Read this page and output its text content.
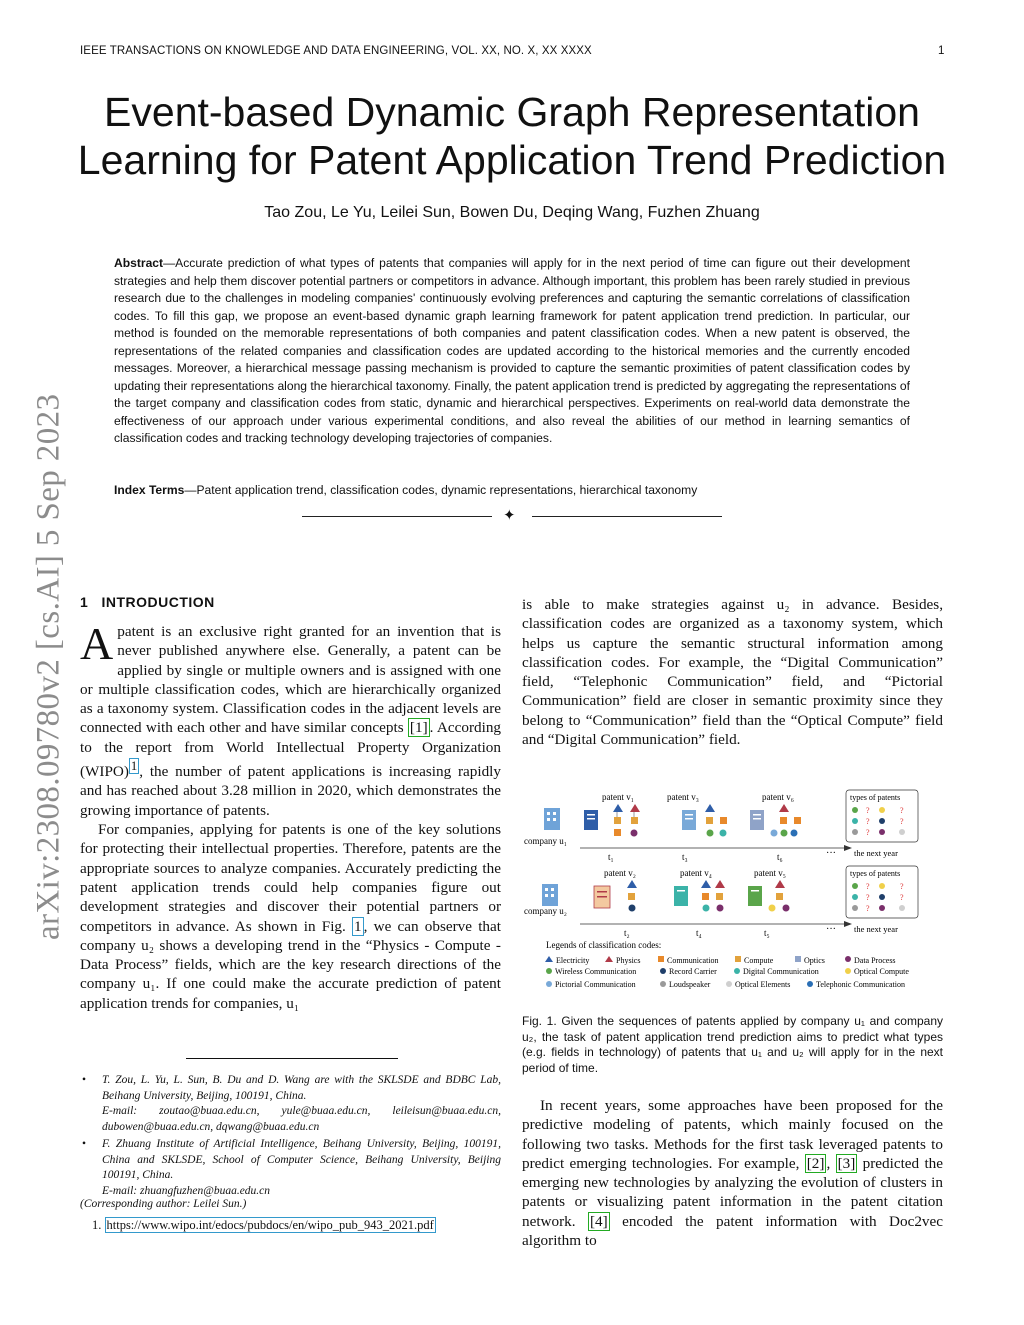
IEEE TRANSACTIONS ON KNOWLEDGE AND DATA ENGINEERING, VOL. XX, NO. X, XX XXXX	1
Event-based Dynamic Graph Representation
Learning for Patent Application Trend Prediction
Tao Zou, Le Yu, Leilei Sun, Bowen Du, Deqing Wang, Fuzhen Zhuang
Abstract—Accurate prediction of what types of patents that companies will apply for in the next period of time can figure out their development strategies and help them discover potential partners or competitors in advance. Although important, this problem has been rarely studied in previous research due to the challenges in modeling companies' continuously evolving preferences and capturing the semantic correlations of classification codes. To fill this gap, we propose an event-based dynamic graph learning framework for patent application trend prediction. In particular, our method is founded on the memorable representations of both companies and patent classification codes. When a new patent is observed, the representations of the related companies and classification codes are updated according to the historical memories and the currently encoded messages. Moreover, a hierarchical message passing mechanism is provided to capture the semantic proximities of patent classification codes by updating their representations along the hierarchical taxonomy. Finally, the patent application trend is predicted by aggregating the representations of the target company and classification codes from static, dynamic and hierarchical perspectives. Experiments on real-world data demonstrate the effectiveness of our approach under various experimental conditions, and also reveal the abilities of our method in learning semantics of classification codes and tracking technology developing trajectories of companies.
Index Terms—Patent application trend, classification codes, dynamic representations, hierarchical taxonomy
✦
arXiv:2308.09780v2 [cs.AI] 5 Sep 2023 1 INTRODUCTION

A patent is an exclusive right granted for an invention that is never published anywhere else. Generally, a patent can be applied by single or multiple owners and is assigned with one or multiple classification codes, which are hierarchically organized as a taxonomy system. Classification codes in the adjacent levels are connected with each other and have similar concepts [1] . According to the report from World Intellectual Property Organization (WIPO) $^1$ , the number of patent applications is increasing rapidly and has reached about 3.28 million in 2020, which demonstrates the growing importance of patents.

For companies, applying for patents is one of the key solutions for protecting their intellectual properties. Therefore, patents are the appropriate sources to analyze companies. Accurately predicting the patent application trends could help companies figure out development strategies and discover their potential partners or competitors in advance. As shown in Fig. 1 , we can observe that company u₂ shows a developing trend in the “Physics - Compute - Data Process” fields, which are the key research directions of the company u₁. If one could make the accurate prediction of patent application trends for companies, u₁

• T. Zou, L. Yu, L. Sun, B. Du and D. Wang are with the SKLSDE and BDBC Lab, Beihang University, Beijing, 100191, China.
E-mail: zoutao@buaa.edu.cn, yule@buaa.edu.cn, leileisun@buaa.edu.cn, dubowen@buaa.edu.cn, dqwang@buaa.edu.cn
• F. Zhuang Institute of Artificial Intelligence, Beihang University, Beijing, 100191, China and SKLSDE, School of Computer Science, Beihang University, Beijing 100191, China.
E-mail: zhuangfuzhen@buaa.edu.cn
(Corresponding author: Leilei Sun.)
1. https://www.wipo.int/edocs/pubdocs/en/wipo_pub_943_2021.pdf

is able to make strategies against u₂ in advance. Besides, classification codes are organized as a taxonomy system, which helps us capture the semantic structural information among classification codes. For example, the “Digital Communication” field, “Telephonic Communication” field, and “Pictorial Communication” field are closer in semantic proximity since they belong to “Communication” field than the “Optical Compute” field and “Digital Communication” field.

company u₁
patent v₁	patent v₃	patent v₆
t₁	t₃	t₆	···
types of patents
?	?
?	?
?
the next year
company u₂
patent v₂	patent v₄	patent v₅
t₂	t₄	t₅	···
types of patents
?	?
?	?
?
the next year
Legends of classification codes:
Electricity	Physics	Communication	Compute	Optics	Data Process
Wireless Communication	Record Carrier	Digital Communication	Optical Compute
Pictorial Communication	Loudspeaker	Optical Elements	Telephonic Communication
Fig. 1. Given the sequences of patents applied by company u₁ and company u₂, the task of patent application trend prediction aims to predict what types (e.g. fields in technology) of patents that u₁ and u₂ will apply for in the next period of time.

In recent years, some approaches have been proposed for the predictive modeling of patents, which mainly focused on the following two tasks. Methods for the first task leveraged patents to predict emerging technologies. For example, [2] , [3] predicted the emerging new technologies by analyzing the evolution of clusters in patents or visualizing patent information in the patent citation network. [4] encoded the patent information with Doc2vec algorithm to
